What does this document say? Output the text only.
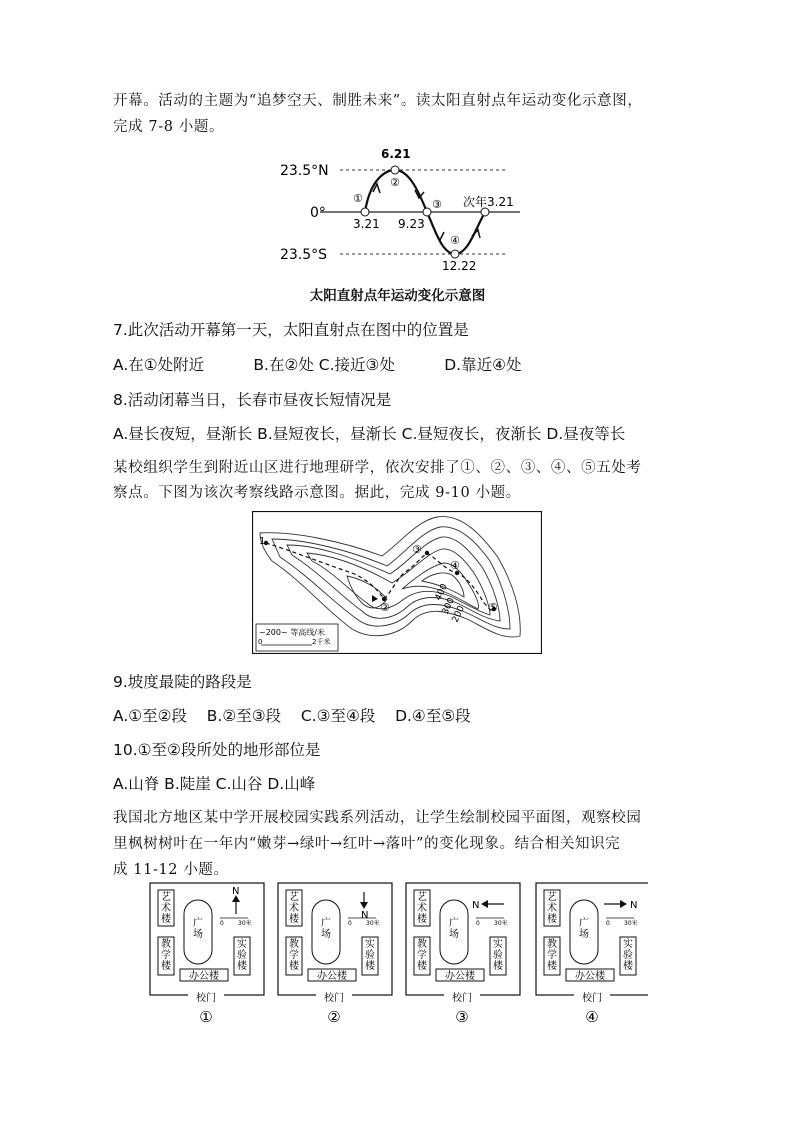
开幕。活动的主题为“追梦空天、制胜未来”。读太阳直射点年运动变化示意图，
完成 7-8 小题。
23.5°N
0°
23.5°S
6.21
3.21 9.23
12.22
次年3.21
①
②
③
④
太阳直射点年运动变化示意图
7.此次活动开幕第一天，太阳直射点在图中的位置是
A.在①处附近          B.在②处 C.接近③处          D.靠近④处
8.活动闭幕当日，长春市昼夜长短情况是
A.昼长夜短，昼渐长 B.昼短夜长，昼渐长 C.昼短夜长，夜渐长 D.昼夜等长
某校组织学生到附近山区进行地理研学，依次安排了①、②、③、④、⑤五处考
察点。下图为该次考察线路示意图。据此，完成 9-10 小题。
1
②
③
④
⑤
400
300
200
~200~ 等高线/米
0	2千米
9.坡度最陡的路段是
A.①至②段    B.②至③段    C.③至④段    D.④至⑤段
10.①至②段所处的地形部位是
A.山脊 B.陡崖 C.山谷 D.山峰
我国北方地区某中学开展校园实践系列活动，让学生绘制校园平面图，观察校园
里枫树树叶在一年内“嫩芽→绿叶→红叶→落叶”的变化现象。结合相关知识完
成 11-12 小题。
艺术楼
教学楼
实验楼
广场
办公楼
校门
0 30米
N
①
艺术楼
教学楼
实验楼
广场
办公楼
校门
0 30米
N
②
艺术楼
教学楼
实验楼
广场
办公楼
校门
0 30米
N
③
艺术楼
教学楼
实验楼
广场
办公楼
校门
0 30米
N
④
